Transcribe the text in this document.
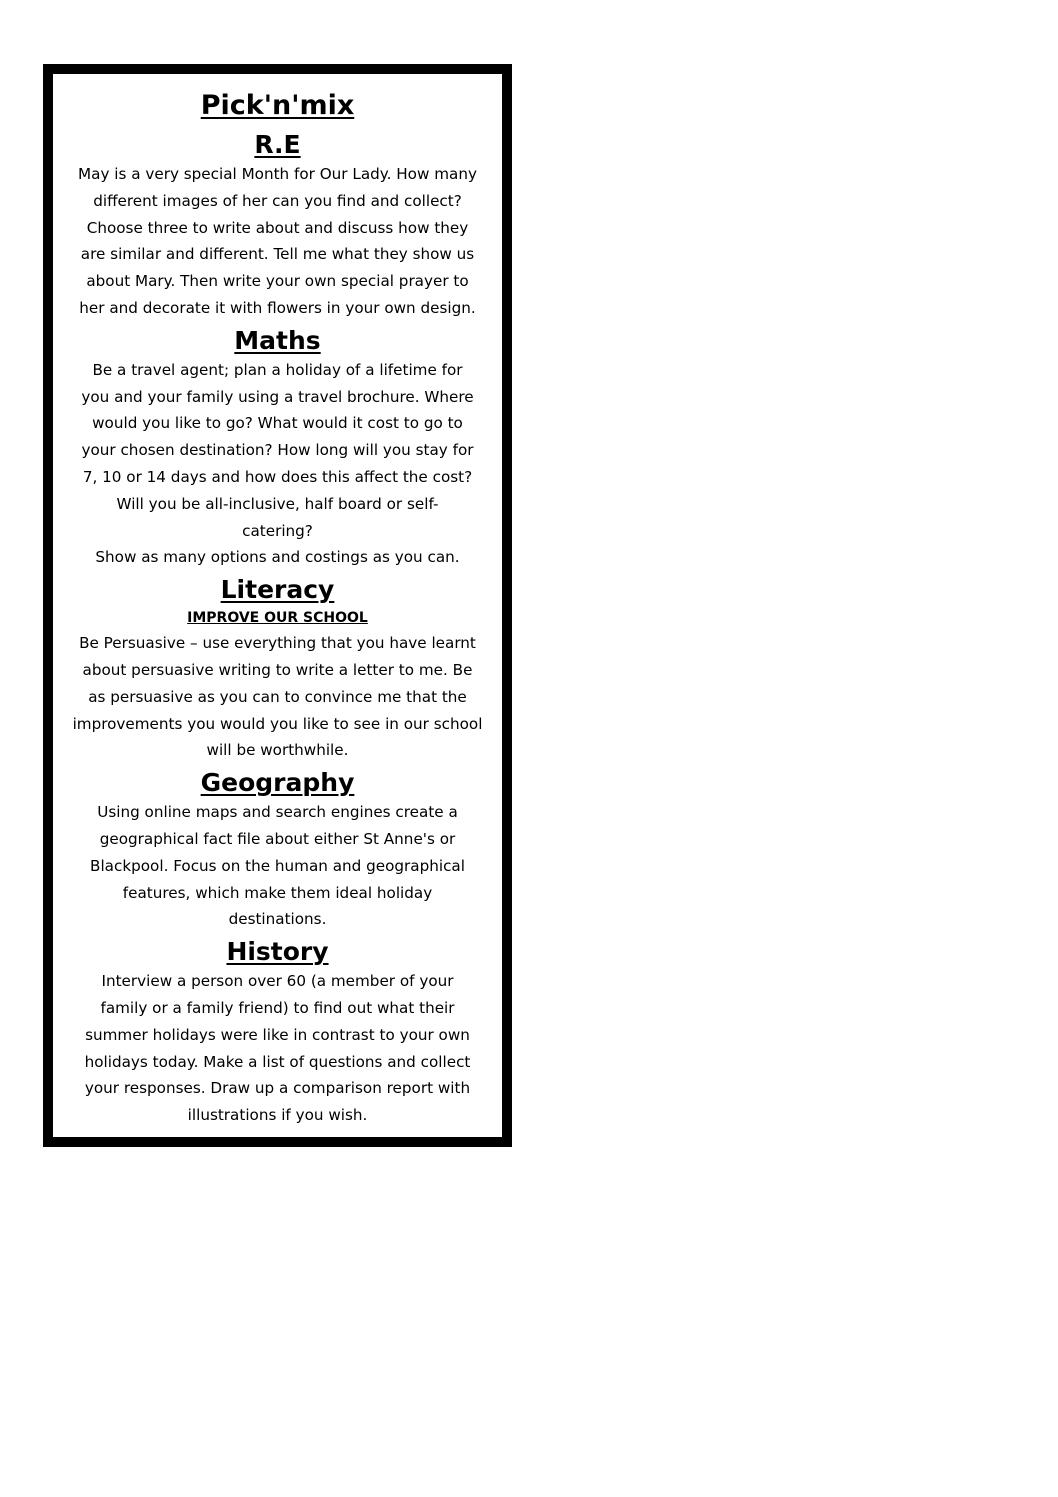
Pick'n'mix
R.E
May is a very special Month for Our Lady. How many
different images of her can you find and collect?
Choose three to write about and discuss how they
are similar and different. Tell me what they show us
about Mary. Then write your own special prayer to
her and decorate it with flowers in your own design.
Maths
Be a travel agent; plan a holiday of a lifetime for
you and your family using a travel brochure. Where
would you like to go? What would it cost to go to
your chosen destination? How long will you stay for
7, 10 or 14 days and how does this affect the cost?
Will you be all-inclusive, half board or self-
catering?
Show as many options and costings as you can.
Literacy
IMPROVE OUR SCHOOL
Be Persuasive – use everything that you have learnt
about persuasive writing to write a letter to me. Be
as persuasive as you can to convince me that the
improvements you would you like to see in our school
will be worthwhile.
Geography
Using online maps and search engines create a
geographical fact file about either St Anne's or
Blackpool. Focus on the human and geographical
features, which make them ideal holiday
destinations.
History
Interview a person over 60 (a member of your
family or a family friend) to find out what their
summer holidays were like in contrast to your own
holidays today. Make a list of questions and collect
your responses. Draw up a comparison report with
illustrations if you wish.
